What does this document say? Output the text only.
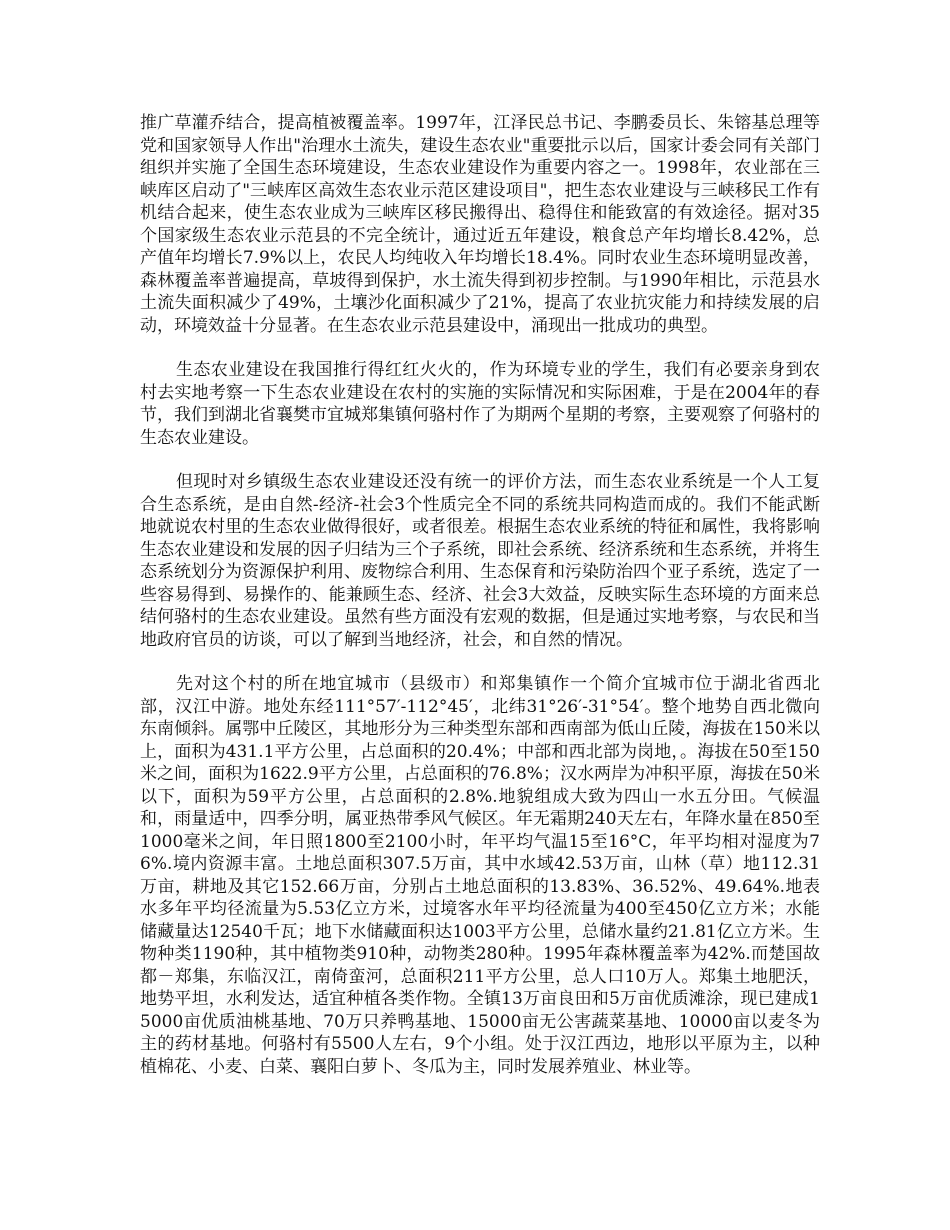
推广草灌乔结合，提高植被覆盖率。1997年，江泽民总书记、李鹏委员长、朱镕基总理等党和国家领导人作出"治理水土流失，建设生态农业"重要批示以后，国家计委会同有关部门组织并实施了全国生态环境建设，生态农业建设作为重要内容之一。1998年，农业部在三峡库区启动了"三峡库区高效生态农业示范区建设项目"，把生态农业建设与三峡移民工作有机结合起来，使生态农业成为三峡库区移民搬得出、稳得住和能致富的有效途径。据对35个国家级生态农业示范县的不完全统计，通过近五年建设，粮食总产年均增长8.42%，总产值年均增长7.9%以上，农民人均纯收入年均增长18.4%。同时农业生态环境明显改善，森林覆盖率普遍提高，草坡得到保护，水土流失得到初步控制。与1990年相比，示范县水土流失面积减少了49%，土壤沙化面积减少了21%，提高了农业抗灾能力和持续发展的启动，环境效益十分显著。在生态农业示范县建设中，涌现出一批成功的典型。

生态农业建设在我国推行得红红火火的，作为环境专业的学生，我们有必要亲身到农村去实地考察一下生态农业建设在农村的实施的实际情况和实际困难，于是在2004年的春节，我们到湖北省襄樊市宜城郑集镇何骆村作了为期两个星期的考察，主要观察了何骆村的生态农业建设。

但现时对乡镇级生态农业建设还没有统一的评价方法，而生态农业系统是一个人工复合生态系统，是由自然-经济-社会3个性质完全不同的系统共同构造而成的。我们不能武断地就说农村里的生态农业做得很好，或者很差。根据生态农业系统的特征和属性，我将影响生态农业建设和发展的因子归结为三个子系统，即社会系统、经济系统和生态系统，并将生态系统划分为资源保护利用、废物综合利用、生态保育和污染防治四个亚子系统，选定了一些容易得到、易操作的、能兼顾生态、经济、社会3大效益，反映实际生态环境的方面来总结何骆村的生态农业建设。虽然有些方面没有宏观的数据，但是通过实地考察，与农民和当地政府官员的访谈，可以了解到当地经济，社会，和自然的情况。

先对这个村的所在地宜城市（县级市）和郑集镇作一个简介宜城市位于湖北省西北部，汉江中游。地处东经111°57′-112°45′，北纬31°26′-31°54′。整个地势自西北微向东南倾斜。属鄂中丘陵区，其地形分为三种类型东部和西南部为低山丘陵，海拔在150米以上，面积为431.1平方公里，占总面积的20.4%；中部和西北部为岗地，。海拔在50至150米之间，面积为1622.9平方公里，占总面积的76.8%；汉水两岸为冲积平原，海拔在50米以下，面积为59平方公里，占总面积的2.8%.地貌组成大致为四山一水五分田。气候温和，雨量适中，四季分明，属亚热带季风气候区。年无霜期240天左右，年降水量在850至1000毫米之间，年日照1800至2100小时，年平均气温15至16°C，年平均相对湿度为76%.境内资源丰富。土地总面积307.5万亩，其中水域42.53万亩，山林（草）地112.31万亩，耕地及其它152.66万亩，分别占土地总面积的13.83%、36.52%、49.64%.地表水多年平均径流量为5.53亿立方米，过境客水年平均径流量为400至450亿立方米；水能储藏量达12540千瓦；地下水储藏面积达1003平方公里，总储水量约21.81亿立方米。生物种类1190种，其中植物类910种，动物类280种。1995年森林覆盖率为42%.而楚国故都－郑集，东临汉江，南倚蛮河，总面积211平方公里，总人口10万人。郑集土地肥沃，地势平坦，水利发达，适宜种植各类作物。全镇13万亩良田和5万亩优质滩涂，现已建成15000亩优质油桃基地、70万只养鸭基地、15000亩无公害蔬菜基地、10000亩以麦冬为主的药材基地。何骆村有5500人左右，9个小组。处于汉江西边，地形以平原为主，以种植棉花、小麦、白菜、襄阳白萝卜、冬瓜为主，同时发展养殖业、林业等。
